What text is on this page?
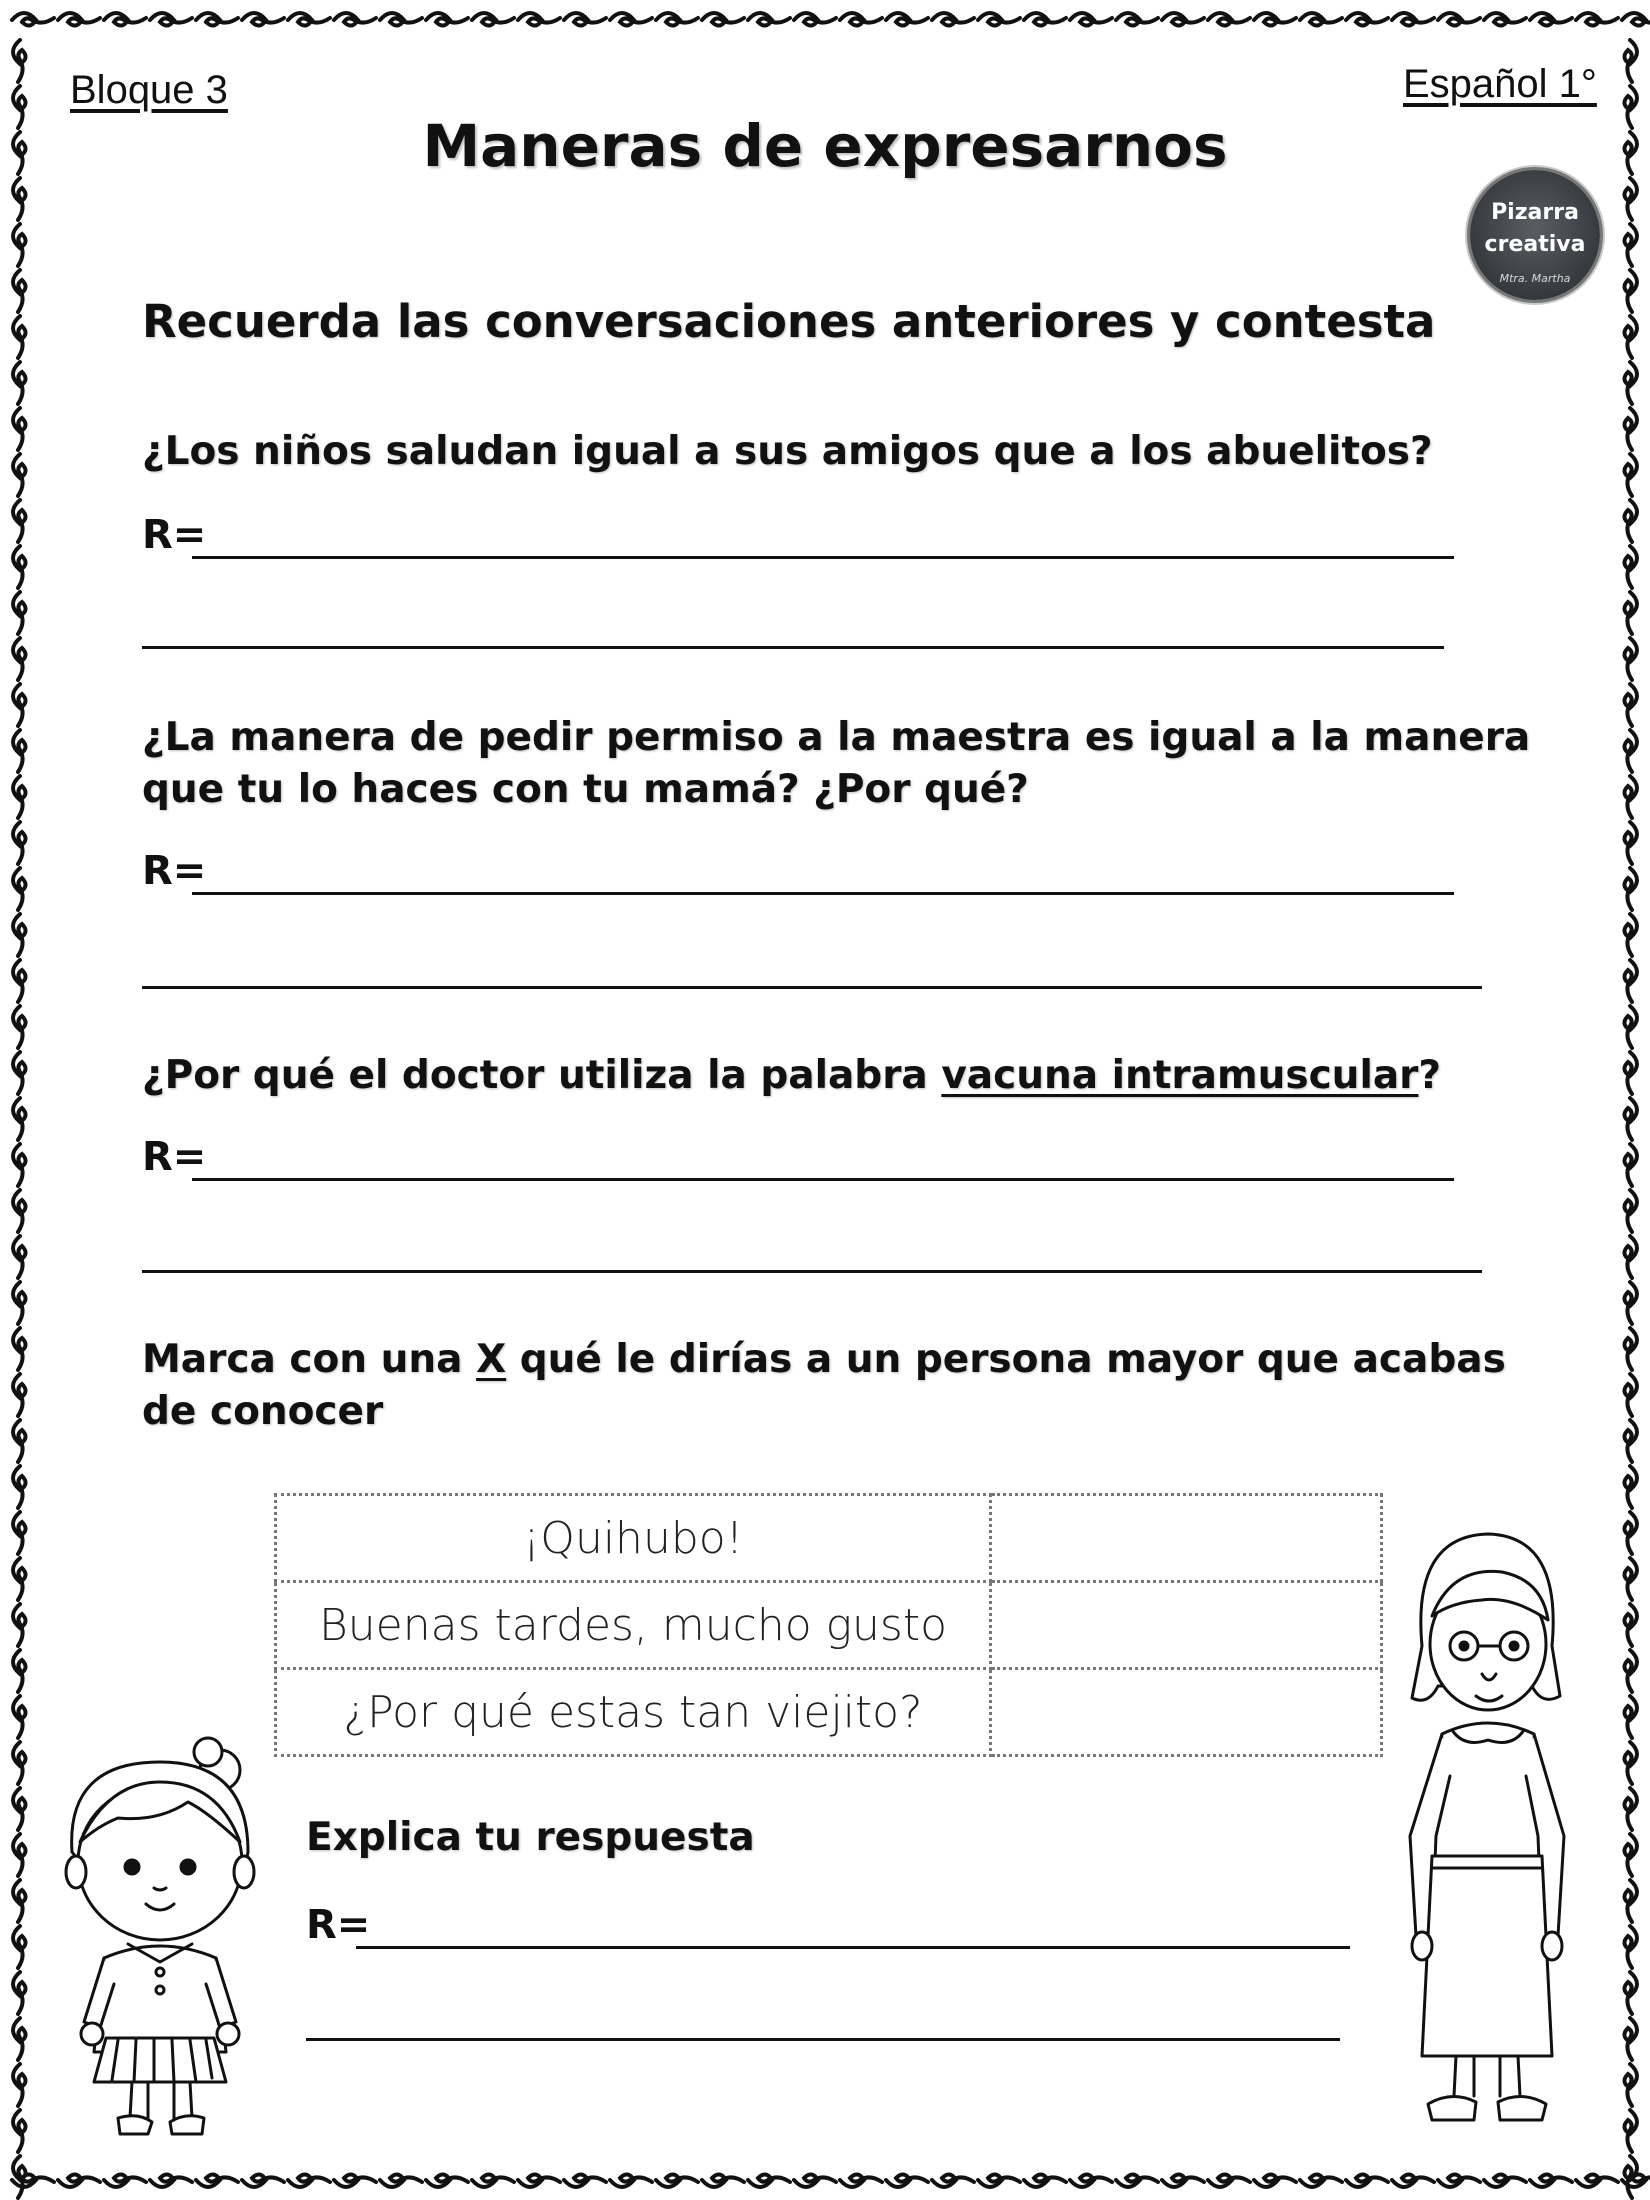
Bloque 3	Español 1°
Maneras de expresarnos
Pizarra
creativa
Mtra. Martha
Recuerda las conversaciones anteriores y contesta
¿Los niños saludan igual a sus amigos que a los abuelitos?
R=
¿La manera de pedir permiso a la maestra es igual a la manera
que tu lo haces con tu mamá? ¿Por qué?
R=
¿Por qué el doctor utiliza la palabra vacuna intramuscular?
R=
Marca con una X qué le dirías a un persona mayor que acabas
de conocer
¡Quihubo!	
Buenas tardes, mucho gusto	
¿Por qué estas tan viejito?	
Explica tu respuesta
R=
